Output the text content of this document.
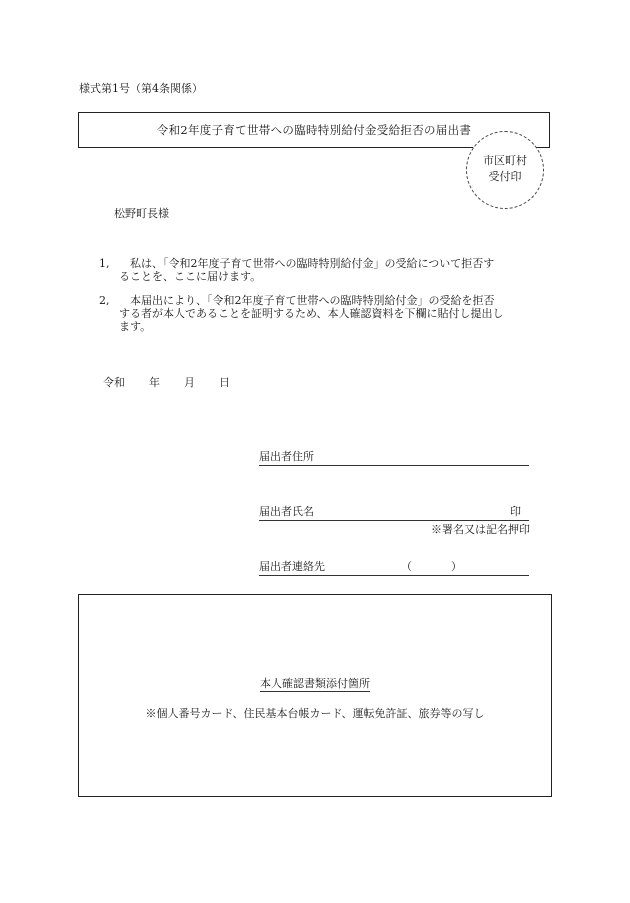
様式第1号（第4条関係）
令和2年度子育て世帯への臨時特別給付金受給拒否の届出書
市区町村
受付印
松野町長様
1,	私は、「令和2年度子育て世帯への臨時特別給付金」の受給について拒否す
ることを、ここに届けます。
2,	本届出により、「令和2年度子育て世帯への臨時特別給付金」の受給を拒否
する者が本人であることを証明するため、本人確認資料を下欄に貼付し提出し
ます。
令和 年 月 日
届出者住所
届出者氏名	印
※署名又は記名押印
届出者連絡先	（	）
本人確認書類添付箇所
※個人番号カード、住民基本台帳カード、運転免許証、旅券等の写し
